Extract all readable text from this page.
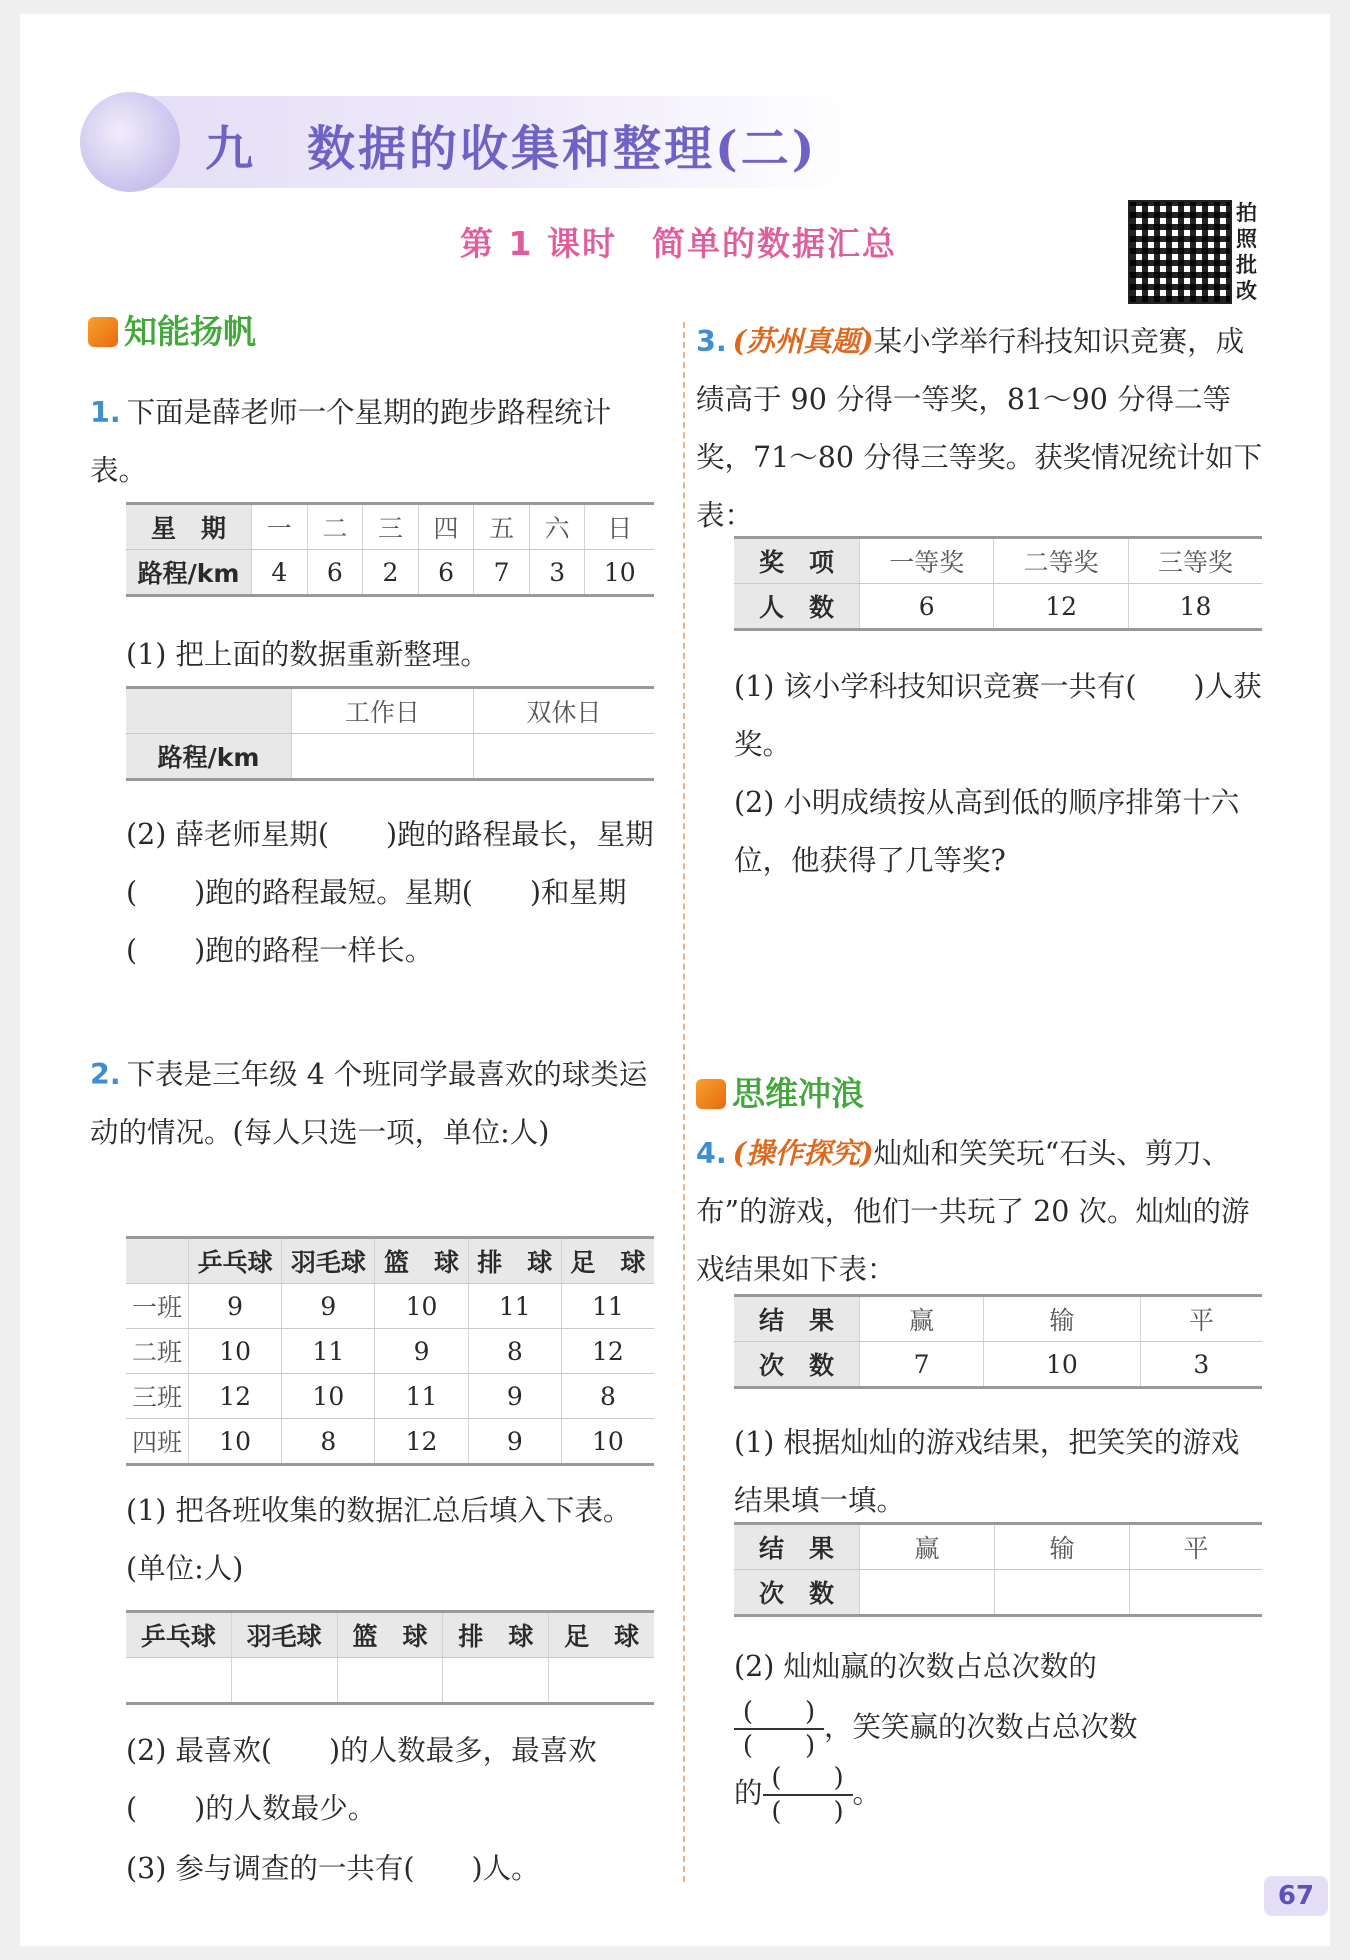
九　数据的收集和整理(二)
第 1 课时　简单的数据汇总
拍照批改
知能扬帆
1. 下面是薛老师一个星期的跑步路程统计表。
星　期	一	二	三	四	五	六	日
路程/km	4	6	2	6	7	3	10
(1) 把上面的数据重新整理。
	工作日	双休日
路程/km		
(2) 薛老师星期(　　)跑的路程最长，星期(　　)跑的路程最短。星期(　　)和星期(　　)跑的路程一样长。
2. 下表是三年级 4 个班同学最喜欢的球类运动的情况。(每人只选一项，单位:人)
	乒乓球	羽毛球	篮　球	排　球	足　球
一班	9	9	10	11	11
二班	10	11	9	8	12
三班	12	10	11	9	8
四班	10	8	12	9	10
(1) 把各班收集的数据汇总后填入下表。(单位:人)
乒乓球	羽毛球	篮　球	排　球	足　球

(2) 最喜欢(　　)的人数最多，最喜欢(　　)的人数最少。
(3) 参与调查的一共有(　　)人。
3. (苏州真题)某小学举行科技知识竞赛，成绩高于 90 分得一等奖，81～90 分得二等奖，71～80 分得三等奖。获奖情况统计如下表：
奖　项	一等奖	二等奖	三等奖
人　数	6	12	18
(1) 该小学科技知识竞赛一共有(　　)人获奖。
(2) 小明成绩按从高到低的顺序排第十六位，他获得了几等奖?
思维冲浪
4. (操作探究)灿灿和笑笑玩“石头、剪刀、布”的游戏，他们一共玩了 20 次。灿灿的游戏结果如下表：
结　果	赢	输	平
次　数	7	10	3
(1) 根据灿灿的游戏结果，把笑笑的游戏结果填一填。
结　果	赢	输	平
次　数			
(2) 灿灿赢的次数占总次数的

$\frac{( )}{( )}$ ，笑笑赢的次数占总次数
的 $\frac{( )}{( )}$ 。
67
